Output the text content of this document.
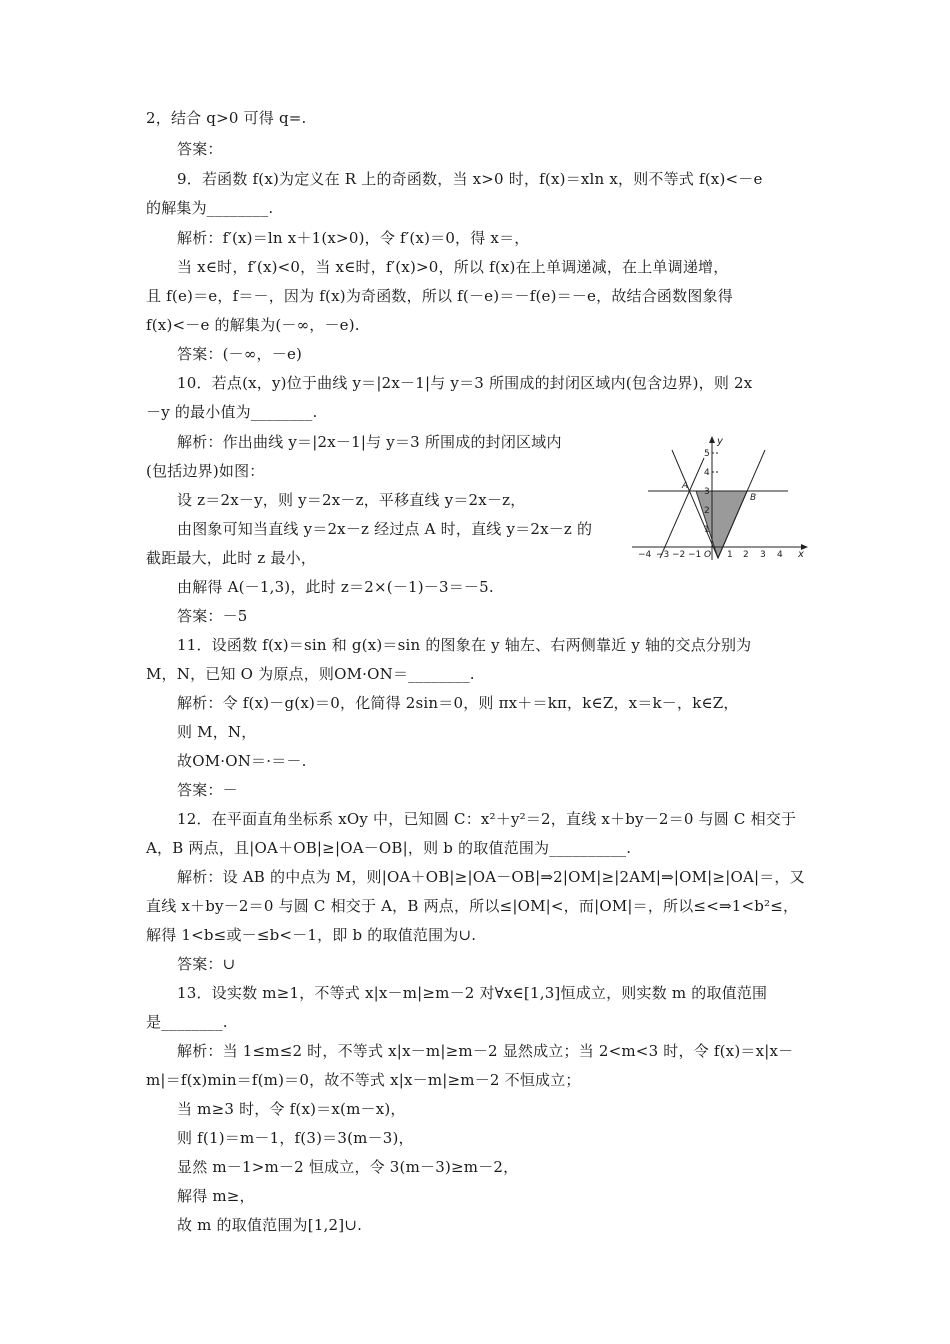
2，结合 q>0 可得 q=.
答案：
9．若函数 f(x)为定义在 R 上的奇函数，当 x>0 时，f(x)＝xln x，则不等式 f(x)<－e
的解集为________.
解析：f′(x)＝ln x＋1(x>0)，令 f′(x)＝0，得 x＝，
当 x∈时，f′(x)<0，当 x∈时，f′(x)>0，所以 f(x)在上单调递减，在上单调递增，
且 f(e)＝e，f＝－，因为 f(x)为奇函数，所以 f(－e)＝－f(e)＝－e，故结合函数图象得
f(x)<－e 的解集为(－∞，－e).
答案：(－∞，－e)
10．若点(x，y)位于曲线 y＝|2x－1|与 y＝3 所围成的封闭区域内(包含边界)，则 2x
－y 的最小值为________.
解析：作出曲线 y＝|2x－1|与 y＝3 所围成的封闭区域内
(包括边界)如图：
设 z＝2x－y，则 y＝2x－z，平移直线 y＝2x－z，
由图象可知当直线 y＝2x－z 经过点 A 时，直线 y＝2x－z 的
截距最大，此时 z 最小，
由解得 A(－1,3)，此时 z＝2×(－1)－3＝－5.
答案：－5
11．设函数 f(x)＝sin 和 g(x)＝sin 的图象在 y 轴左、右两侧靠近 y 轴的交点分别为
M，N，已知 O 为原点，则OM·ON＝________.
解析：令 f(x)－g(x)＝0，化简得 2sin＝0，则 πx＋＝kπ，k∈Z，x＝k－，k∈Z，
则 M，N，
故OM·ON＝·＝－.
答案：－
12．在平面直角坐标系 xOy 中，已知圆 C：x²＋y²＝2，直线 x＋by－2＝0 与圆 C 相交于
A，B 两点，且|OA＋OB|≥|OA－OB|，则 b 的取值范围为__________.
解析：设 AB 的中点为 M，则|OA＋OB|≥|OA－OB|⇒2|OM|≥|2AM|⇒|OM|≥|OA|＝，又
直线 x＋by－2＝0 与圆 C 相交于 A，B 两点，所以≤|OM|<，而|OM|＝，所以≤<⇒1<b²≤，
解得 1<b≤或－≤b<－1，即 b 的取值范围为∪.
答案：∪
13．设实数 m≥1，不等式 x|x－m|≥m－2 对∀x∈[1,3]恒成立，则实数 m 的取值范围
是________.
解析：当 1≤m≤2 时，不等式 x|x－m|≥m－2 显然成立；当 2<m<3 时，令 f(x)＝x|x－
m|＝f(x)min＝f(m)＝0，故不等式 x|x－m|≥m－2 不恒成立；
当 m≥3 时，令 f(x)＝x(m－x)，
则 f(1)＝m－1，f(3)＝3(m－3)，
显然 m－1>m－2 恒成立，令 3(m－3)≥m－2，
解得 m≥，
故 m 的取值范围为[1,2]∪.
y
x
O
A
B
−4 −3 −2 −1	1 2 3 4
1
2
3
4
5
